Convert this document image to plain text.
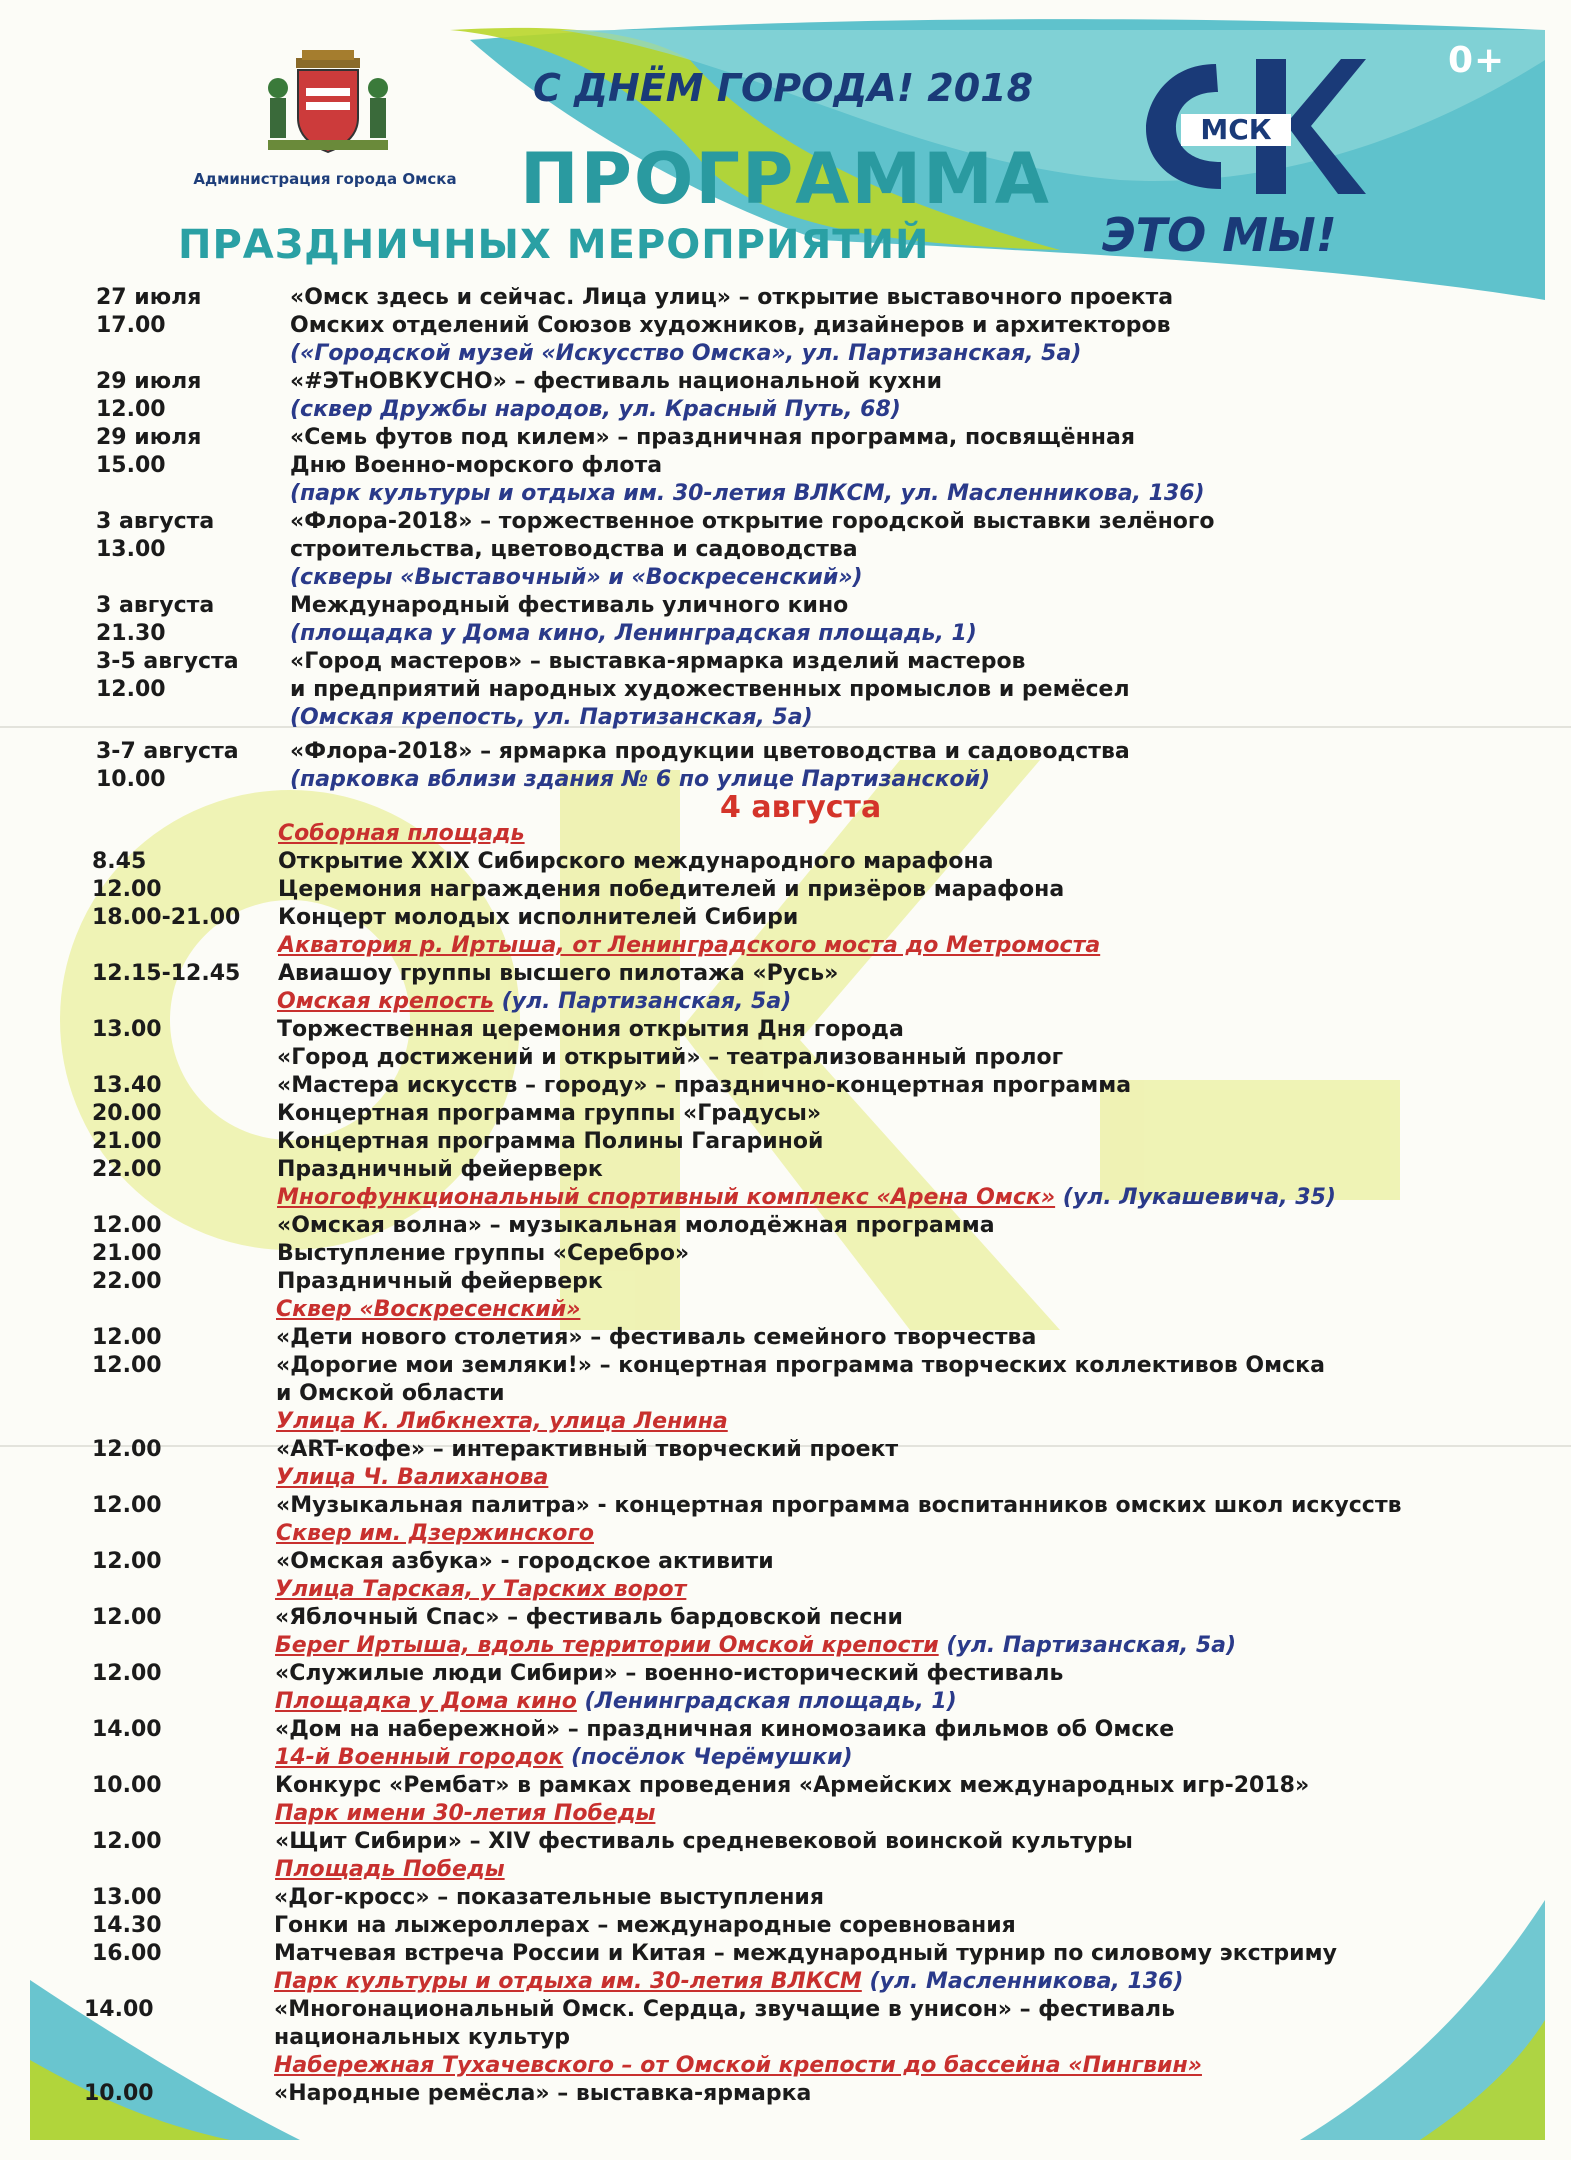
Администрация города Омска
0+
С ДНЁМ ГОРОДА! 2018
ПРОГРАММА
ПРАЗДНИЧНЫХ МЕРОПРИЯТИЙ
МСК
ЭТО МЫ!
4 августа
27 июля	«Омск здесь и сейчас. Лица улиц» – открытие выставочного проекта
17.00	Омских отделений Союзов художников, дизайнеров и архитекторов
(«Городской музей «Искусство Омска», ул. Партизанская, 5а)
29 июля	«#ЭТнОВКУСНО» – фестиваль национальной кухни
12.00	(сквер Дружбы народов, ул. Красный Путь, 68)
29 июля	«Семь футов под килем» – праздничная программа, посвящённая
15.00	Дню Военно-морского флота
(парк культуры и отдыха им. 30-летия ВЛКСМ, ул. Масленникова, 136)
3 августа	«Флора-2018» – торжественное открытие городской выставки зелёного
13.00	строительства, цветоводства и садоводства
(скверы «Выставочный» и «Воскресенский»)
3 августа	Международный фестиваль уличного кино
21.30	(площадка у Дома кино, Ленинградская площадь, 1)
3-5 августа «Город мастеров» – выставка-ярмарка изделий мастеров
12.00	и предприятий народных художественных промыслов и ремёсел
(Омская крепость, ул. Партизанская, 5а)
3-7 августа «Флора-2018» – ярмарка продукции цветоводства и садоводства
10.00	(парковка вблизи здания № 6 по улице Партизанской)
Соборная площадь
8.45	Открытие XXIX Сибирского международного марафона
12.00	Церемония награждения победителей и призёров марафона
18.00-21.00 Концерт молодых исполнителей Сибири
Акватория р. Иртыша, от Ленинградского моста до Метромоста
12.15-12.45 Авиашоу группы высшего пилотажа «Русь»
Омская крепость (ул. Партизанская, 5а)
13.00	Торжественная церемония открытия Дня города
«Город достижений и открытий» – театрализованный пролог
13.40	«Мастера искусств – городу» – празднично-концертная программа
20.00	Концертная программа группы «Градусы»
21.00	Концертная программа Полины Гагариной
22.00	Праздничный фейерверк
Многофункциональный спортивный комплекс «Арена Омск» (ул. Лукашевича, 35)
12.00	«Омская волна» – музыкальная молодёжная программа
21.00	Выступление группы «Серебро»
22.00	Праздничный фейерверк
Сквер «Воскресенский»
12.00	«Дети нового столетия» – фестиваль семейного творчества
12.00	«Дорогие мои земляки!» – концертная программа творческих коллективов Омска
и Омской области
Улица К. Либкнехта, улица Ленина
12.00	«ART-кофе» – интерактивный творческий проект
Улица Ч. Валиханова
12.00	«Музыкальная палитра» - концертная программа воспитанников омских школ искусств
Сквер им. Дзержинского
12.00	«Омская азбука» - городское активити
Улица Тарская, у Тарских ворот
12.00	«Яблочный Спас» – фестиваль бардовской песни
Берег Иртыша, вдоль территории Омской крепости (ул. Партизанская, 5а)
12.00	«Служилые люди Сибири» – военно-исторический фестиваль
Площадка у Дома кино (Ленинградская площадь, 1)
14.00	«Дом на набережной» – праздничная киномозаика фильмов об Омске
14-й Военный городок (посёлок Черёмушки)
10.00	Конкурс «Рембат» в рамках проведения «Армейских международных игр-2018»
Парк имени 30-летия Победы
12.00	«Щит Сибири» – XIV фестиваль средневековой воинской культуры
Площадь Победы
13.00	«Дог-кросс» – показательные выступления
14.30	Гонки на лыжероллерах – международные соревнования
16.00	Матчевая встреча России и Китая – международный турнир по силовому экстриму
Парк культуры и отдыха им. 30-летия ВЛКСМ (ул. Масленникова, 136)
14.00	«Многонациональный Омск. Сердца, звучащие в унисон» – фестиваль
национальных культур
Набережная Тухачевского – от Омской крепости до бассейна «Пингвин»
10.00	«Народные ремёсла» – выставка-ярмарка
